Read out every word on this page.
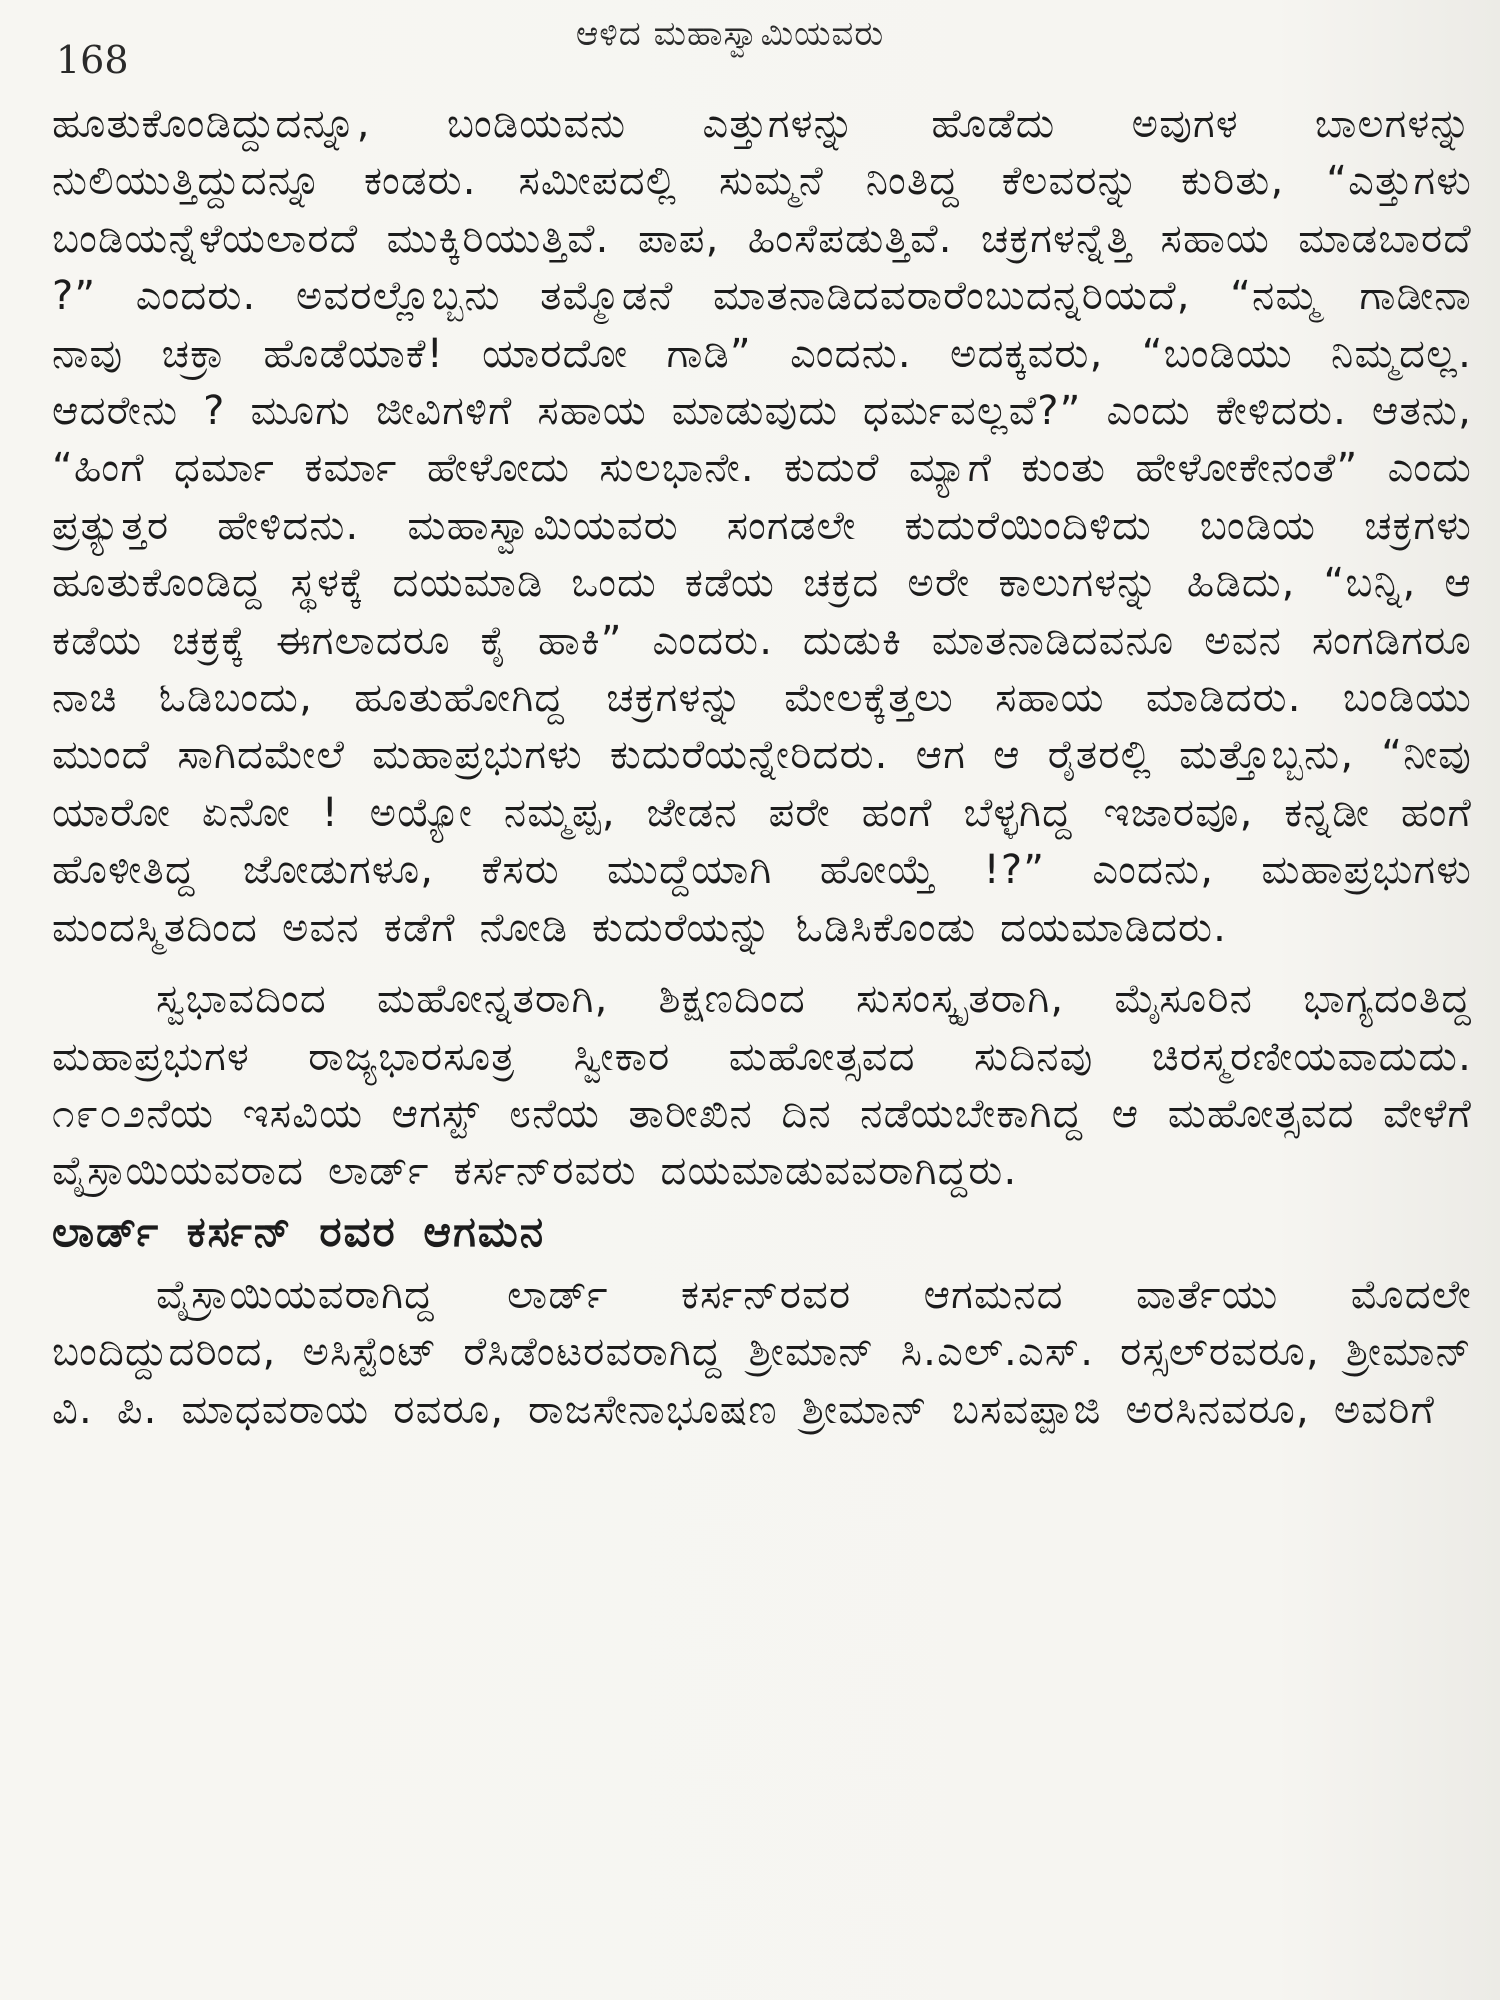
ಆಳಿದ ಮಹಾಸ್ವಾಮಿಯವರು
168

ಹೂತುಕೊಂಡಿದ್ದುದನ್ನೂ, ಬಂಡಿಯವನು ಎತ್ತುಗಳನ್ನು ಹೊಡೆದು ಅವುಗಳ ಬಾಲಗಳನ್ನು ನುಲಿಯುತ್ತಿದ್ದುದನ್ನೂ ಕಂಡರು. ಸಮೀಪದಲ್ಲಿ ಸುಮ್ಮನೆ ನಿಂತಿದ್ದ ಕೆಲವರನ್ನು ಕುರಿತು, “ಎತ್ತುಗಳು ಬಂಡಿಯನ್ನೆಳೆಯಲಾರದೆ ಮುಕ್ಕಿರಿಯುತ್ತಿವೆ. ಪಾಪ, ಹಿಂಸೆಪಡುತ್ತಿವೆ. ಚಕ್ರಗಳನ್ನೆತ್ತಿ ಸಹಾಯ ಮಾಡಬಾರದೆ ?” ಎಂದರು. ಅವರಲ್ಲೊಬ್ಬನು ತಮ್ಮೊಡನೆ ಮಾತನಾಡಿದವರಾರೆಂಬುದನ್ನರಿಯದೆ, “ನಮ್ಮ ಗಾಡೀನಾ ನಾವು ಚಕ್ರಾ ಹೊಡೆಯಾಕೆ! ಯಾರದೋ ಗಾಡಿ” ಎಂದನು. ಅದಕ್ಕವರು, “ಬಂಡಿಯು ನಿಮ್ಮದಲ್ಲ. ಆದರೇನು ? ಮೂಗು ಜೀವಿಗಳಿಗೆ ಸಹಾಯ ಮಾಡುವುದು ಧರ್ಮವಲ್ಲವೆ?” ಎಂದು ಕೇಳಿದರು. ಆತನು, “ಹಿಂಗೆ ಧರ್ಮಾ ಕರ್ಮಾ ಹೇಳೋದು ಸುಲಭಾನೇ. ಕುದುರೆ ಮ್ಯಾಗೆ ಕುಂತು ಹೇಳೋಕೇನಂತೆ” ಎಂದು ಪ್ರತ್ಯುತ್ತರ ಹೇಳಿದನು. ಮಹಾಸ್ವಾಮಿಯವರು ಸಂಗಡಲೇ ಕುದುರೆಯಿಂದಿಳಿದು ಬಂಡಿಯ ಚಕ್ರಗಳು ಹೂತುಕೊಂಡಿದ್ದ ಸ್ಥಳಕ್ಕೆ ದಯಮಾಡಿ ಒಂದು ಕಡೆಯ ಚಕ್ರದ ಅರೇ ಕಾಲುಗಳನ್ನು ಹಿಡಿದು, “ಬನ್ನಿ, ಆ ಕಡೆಯ ಚಕ್ರಕ್ಕೆ ಈಗಲಾದರೂ ಕೈ ಹಾಕಿ” ಎಂದರು. ದುಡುಕಿ ಮಾತನಾಡಿದವನೂ ಅವನ ಸಂಗಡಿಗರೂ ನಾಚಿ ಓಡಿಬಂದು, ಹೂತುಹೋಗಿದ್ದ ಚಕ್ರಗಳನ್ನು ಮೇಲಕ್ಕೆತ್ತಲು ಸಹಾಯ ಮಾಡಿದರು. ಬಂಡಿಯು ಮುಂದೆ ಸಾಗಿದಮೇಲೆ ಮಹಾಪ್ರಭುಗಳು ಕುದುರೆಯನ್ನೇರಿದರು. ಆಗ ಆ ರೈತರಲ್ಲಿ ಮತ್ತೊಬ್ಬನು, “ನೀವು ಯಾರೋ ಏನೋ ! ಅಯ್ಯೋ ನಮ್ಮಪ್ಪ, ಜೇಡನ ಪರೇ ಹಂಗೆ ಬೆಳ್ಳಗಿದ್ದ ಇಜಾರವೂ, ಕನ್ನಡೀ ಹಂಗೆ ಹೊಳೀತಿದ್ದ ಜೋಡುಗಳೂ, ಕೆಸರು ಮುದ್ದೆಯಾಗಿ ಹೋಯ್ತೆ !?” ಎಂದನು, ಮಹಾಪ್ರಭುಗಳು ಮಂದಸ್ಮಿತದಿಂದ ಅವನ ಕಡೆಗೆ ನೋಡಿ ಕುದುರೆಯನ್ನು ಓಡಿಸಿಕೊಂಡು ದಯಮಾಡಿದರು.

ಸ್ವಭಾವದಿಂದ ಮಹೋನ್ನತರಾಗಿ, ಶಿಕ್ಷಣದಿಂದ ಸುಸಂಸ್ಕೃತರಾಗಿ, ಮೈಸೂರಿನ ಭಾಗ್ಯದಂತಿದ್ದ ಮಹಾಪ್ರಭುಗಳ ರಾಜ್ಯಭಾರಸೂತ್ರ ಸ್ವೀಕಾರ ಮಹೋತ್ಸವದ ಸುದಿನವು ಚಿರಸ್ಮರಣೀಯವಾದುದು. ೧೯೦೨ನೆಯ ಇಸವಿಯ ಆಗಸ್ಟ್ ೮ನೆಯ ತಾರೀಖಿನ ದಿನ ನಡೆಯಬೇಕಾಗಿದ್ದ ಆ ಮಹೋತ್ಸವದ ವೇಳೆಗೆ ವೈಸ್ರಾಯಿಯವರಾದ ಲಾರ್ಡ್ ಕರ್ಸನ್‌ರವರು ದಯಮಾಡುವವರಾಗಿದ್ದರು.

ಲಾರ್ಡ್ ಕರ್ಸನ್ ರವರ ಆಗಮನ

ವೈಸ್ರಾಯಿಯವರಾಗಿದ್ದ ಲಾರ್ಡ್ ಕರ್ಸನ್‌ರವರ ಆಗಮನದ ವಾರ್ತೆಯು ಮೊದಲೇ ಬಂದಿದ್ದುದರಿಂದ, ಅಸಿಸ್ಟೆಂಟ್ ರೆಸಿಡೆಂಟರವರಾಗಿದ್ದ ಶ್ರೀಮಾನ್ ಸಿ.ಎಲ್.ಎಸ್. ರಸ್ಸಲ್‌ರವರೂ, ಶ್ರೀಮಾನ್ ವಿ. ಪಿ. ಮಾಧವರಾಯ ರವರೂ, ರಾಜಸೇನಾಭೂಷಣ ಶ್ರೀಮಾನ್ ಬಸವಪ್ಪಾಜಿ ಅರಸಿನವರೂ, ಅವರಿಗೆ
